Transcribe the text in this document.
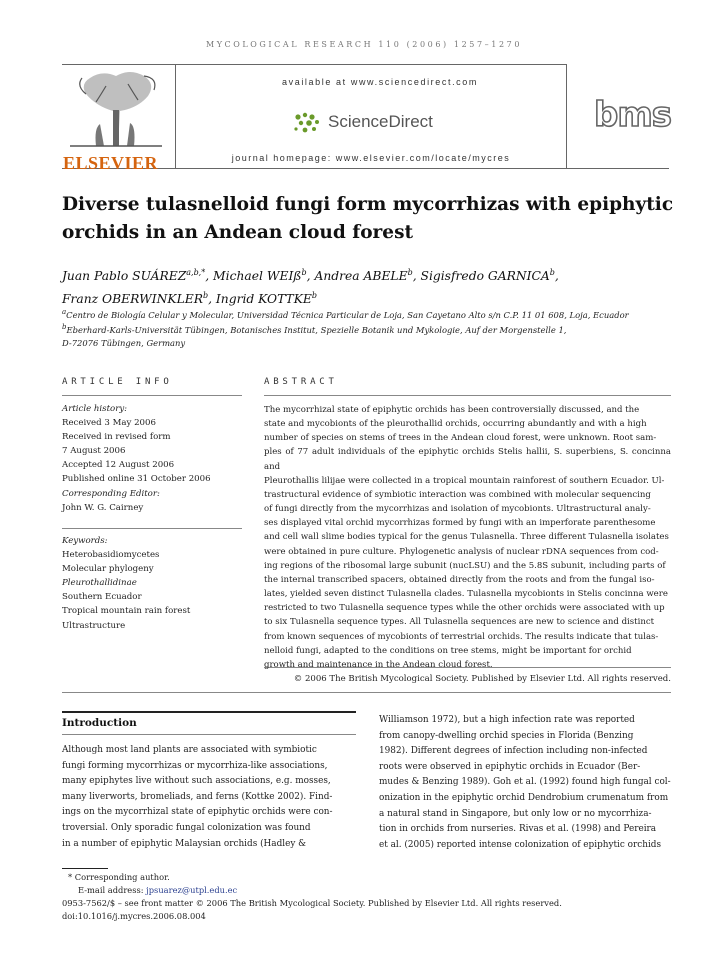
MYCOLOGICAL RESEARCH 110 (2006) 1257–1270
ELSEVIER
available at www.sciencedirect.com
ScienceDirect
journal homepage: www.elsevier.com/locate/mycres
bms
Diverse tulasnelloid fungi form mycorrhizas with epiphytic orchids in an Andean cloud forest
Juan Pablo $SUÁREZ^{a,b,*}$, Michael WEIß$^b$, Andrea ABELE$^b$, Sigisfredo GARNICA$^b$,
Franz OBERWINKLER$^b$, Ingrid KOTTKE$^b$
$^a$Centro de Biología Celular y Molecular, Universidad Técnica Particular de Loja, San Cayetano Alto s/n C.P. 11 01 608, Loja, Ecuador
$^b$Eberhard-Karls-Universität Tübingen, Botanisches Institut, Spezielle Botanik und Mykologie, Auf der Morgenstelle 1,
D-72076 Tübingen, Germany
ARTICLE INFO	ABSTRACT
Article history:
Received 3 May 2006
Received in revised form
7 August 2006
Accepted 12 August 2006
Published online 31 October 2006
Corresponding Editor:
John W. G. Cairney
Keywords:
Heterobasidiomycetes
Molecular phylogeny
Pleurothallidinae
Southern Ecuador
Tropical mountain rain forest
Ultrastructure
The mycorrhizal state of epiphytic orchids has been controversially discussed, and the
state and mycobionts of the pleurothallid orchids, occurring abundantly and with a high
number of species on stems of trees in the Andean cloud forest, were unknown. Root sam-
ples of 77 adult individuals of the epiphytic orchids Stelis hallii, S. superbiens, S. concinna and
Pleurothallis lilijae were collected in a tropical mountain rainforest of southern Ecuador. Ul-
trastructural evidence of symbiotic interaction was combined with molecular sequencing
of fungi directly from the mycorrhizas and isolation of mycobionts. Ultrastructural analy-
ses displayed vital orchid mycorrhizas formed by fungi with an imperforate parenthesome
and cell wall slime bodies typical for the genus Tulasnella. Three different Tulasnella isolates
were obtained in pure culture. Phylogenetic analysis of nuclear rDNA sequences from cod-
ing regions of the ribosomal large subunit (nucLSU) and the 5.8S subunit, including parts of
the internal transcribed spacers, obtained directly from the roots and from the fungal iso-
lates, yielded seven distinct Tulasnella clades. Tulasnella mycobionts in Stelis concinna were
restricted to two Tulasnella sequence types while the other orchids were associated with up
to six Tulasnella sequence types. All Tulasnella sequences are new to science and distinct
from known sequences of mycobionts of terrestrial orchids. The results indicate that tulas-
nelloid fungi, adapted to the conditions on tree stems, might be important for orchid
growth and maintenance in the Andean cloud forest.
© 2006 The British Mycological Society. Published by Elsevier Ltd. All rights reserved.
Introduction
Although most land plants are associated with symbiotic
fungi forming mycorrhizas or mycorrhiza-like associations,
many epiphytes live without such associations, e.g. mosses,
many liverworts, bromeliads, and ferns (Kottke 2002). Find-
ings on the mycorrhizal state of epiphytic orchids were con-
troversial. Only sporadic fungal colonization was found
in a number of epiphytic Malaysian orchids (Hadley &
Williamson 1972), but a high infection rate was reported
from canopy-dwelling orchid species in Florida (Benzing
1982). Different degrees of infection including non-infected
roots were observed in epiphytic orchids in Ecuador (Ber-
mudes & Benzing 1989). Goh et al. (1992) found high fungal col-
onization in the epiphytic orchid Dendrobium crumenatum from
a natural stand in Singapore, but only low or no mycorrhiza-
tion in orchids from nurseries. Rivas et al. (1998) and Pereira
et al. (2005) reported intense colonization of epiphytic orchids
* Corresponding author.
E-mail address: jpsuarez@utpl.edu.ec
0953-7562/$ – see front matter © 2006 The British Mycological Society. Published by Elsevier Ltd. All rights reserved.
doi:10.1016/j.mycres.2006.08.004
